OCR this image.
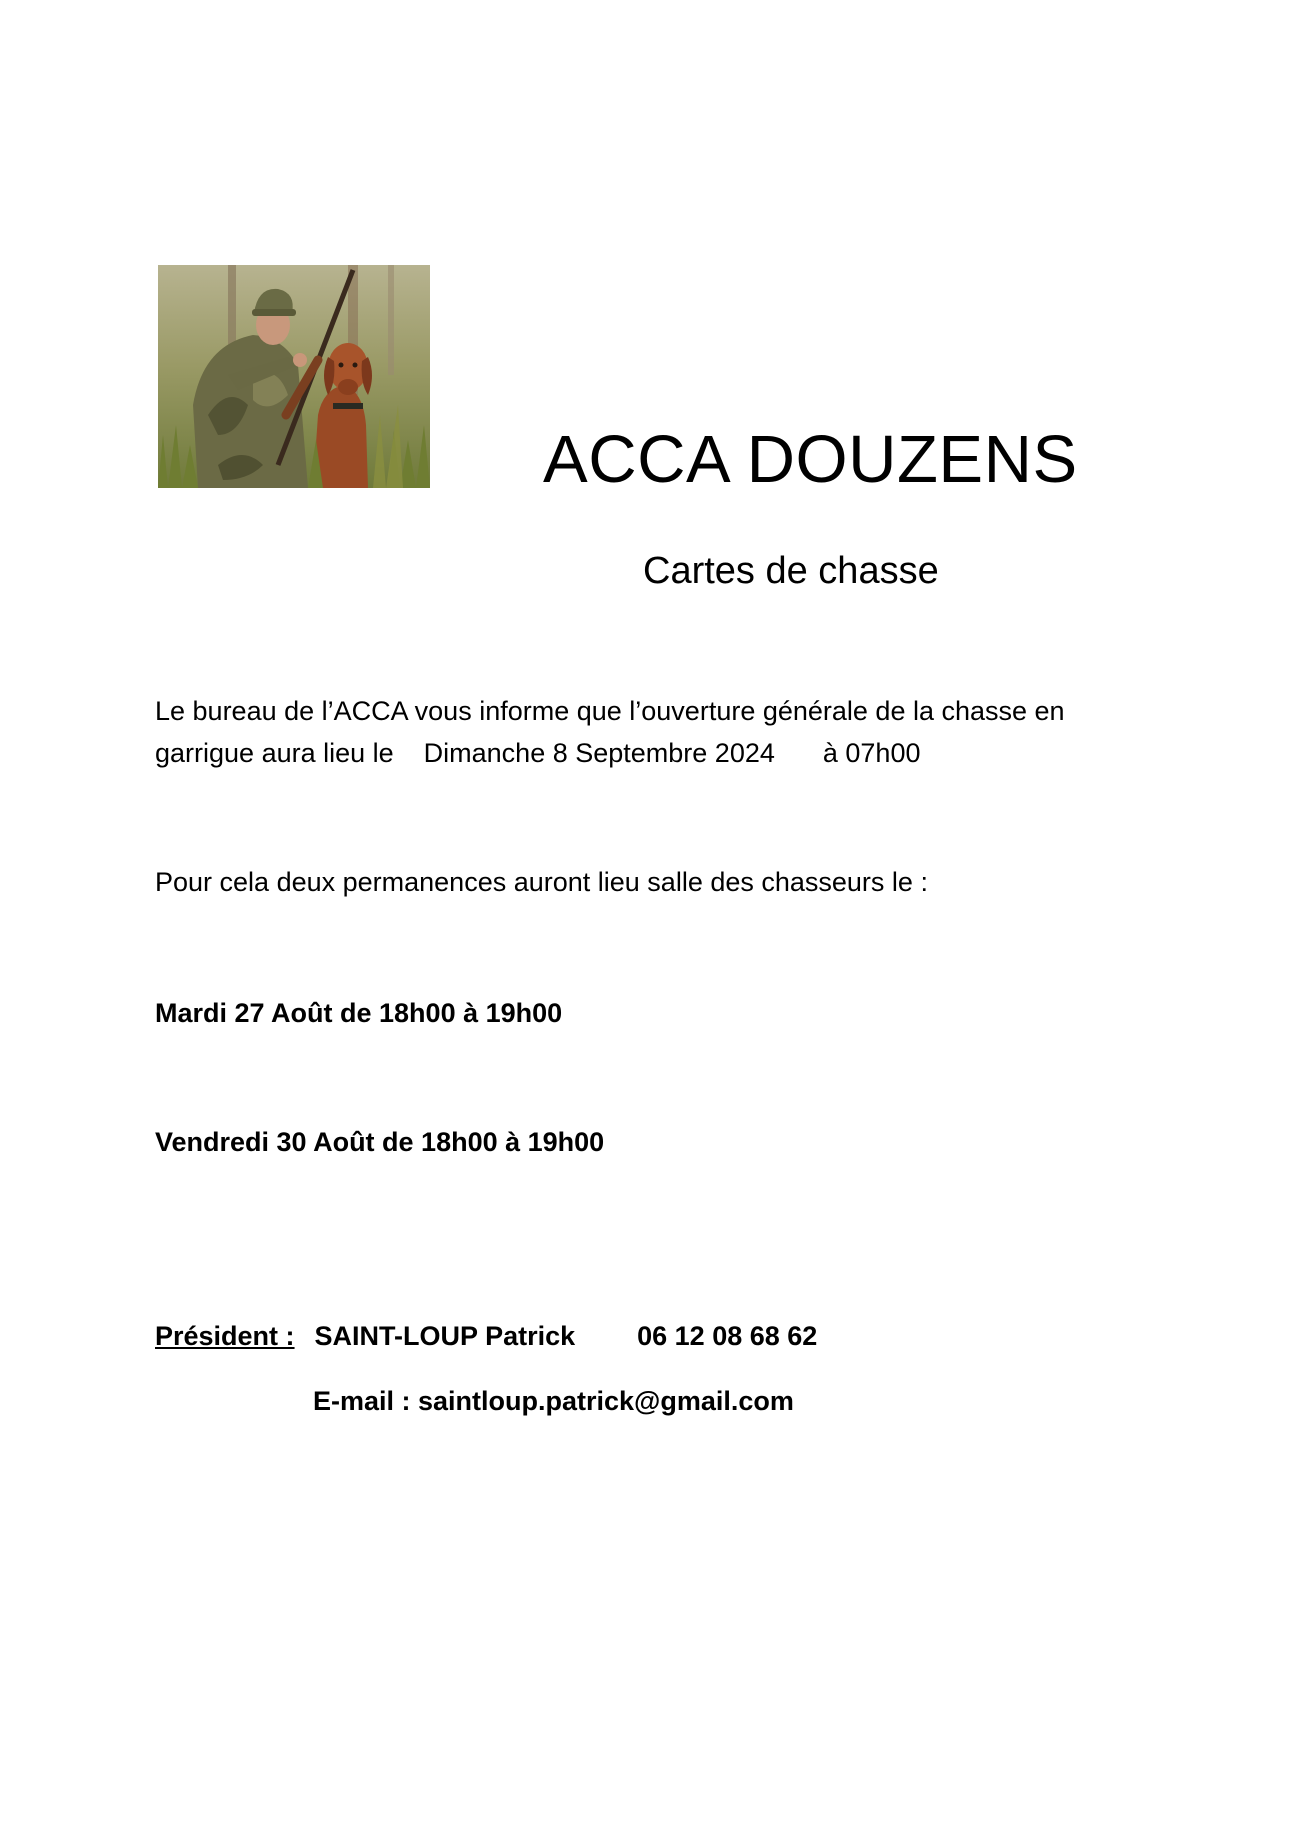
ACCA DOUZENS
Cartes de chasse
Le bureau de l’ACCA vous informe que l’ouverture générale de la chasse en
garrigue aura lieu le Dimanche 8 Septembre 2024 à 07h00
Pour cela deux permanences auront lieu salle des chasseurs le :
Mardi 27 Août de 18h00 à 19h00
Vendredi 30 Août de 18h00 à 19h00
Président : SAINT-LOUP Patrick 06 12 08 68 62
E-mail : saintloup.patrick@gmail.com
